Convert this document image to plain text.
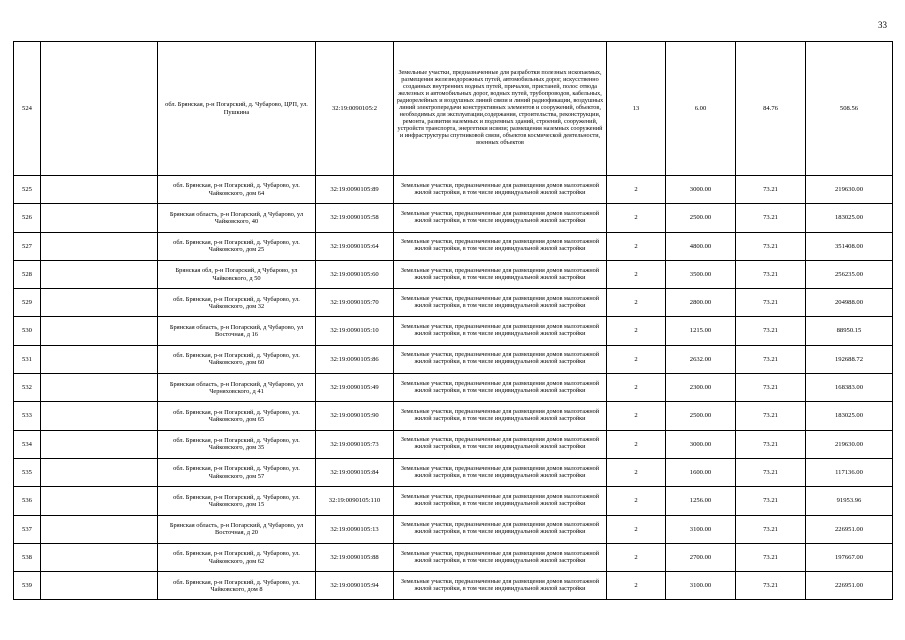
33
524		обл. Брянская, р-н Погарский, д. Чубарово, ЦРП, ул. Пушкина	32:19:0090105:2	Земельные участки, предназначенные для разработки полезных ископаемых, размещения железнодорожных путей, автомобильных дорог, искусственно созданных внутренних водных путей, причалов, пристаней, полос отвода железных и автомобильных дорог, водных путей, трубопроводов, кабельных, радиорелейных и воздушных линий связи и линий радиофикации, воздушных линий электропередачи конструктивных элементов и сооружений, объектов, необходимых для эксплуатации,содержания, строительства, реконструкции, ремонта, развития наземных и подземных зданий, строений, сооружений, устройств транспорта, энергетики исвязи; размещения наземных сооружений и инфраструктуры спутниковой связи, объектов космической деятельности, военных объектов	13	6.00	84.76	508.56
525		обл. Брянская, р-н Погарский, д. Чубарово, ул. Чайковского, дом 64	32:19:0090105:89	Земельные участки, предназначенные для размещения домов малоэтажной жилой застройки, в том числе индивидуальной жилой застройки	2	3000.00	73.21	219630.00
526		Брянская область, р-н Погарский, д Чубарово, ул Чайковского, 40	32:19:0090105:58	Земельные участки, предназначенные для размещения домов малоэтажной жилой застройки, в том числе индивидуальной жилой застройки	2	2500.00	73.21	183025.00
527		обл. Брянская, р-н Погарский, д. Чубарово, ул. Чайковского, дом 25	32:19:0090105:64	Земельные участки, предназначенные для размещения домов малоэтажной жилой застройки, в том числе индивидуальной жилой застройки	2	4800.00	73.21	351408.00
528		Брянская обл, р-н Погарский, д Чубарово, ул Чайковского, д 50	32:19:0090105:60	Земельные участки, предназначенные для размещения домов малоэтажной жилой застройки, в том числе индивидуальной жилой застройки	2	3500.00	73.21	256235.00
529		обл. Брянская, р-н Погарский, д. Чубарово, ул. Чайковского, дом 32	32:19:0090105:70	Земельные участки, предназначенные для размещения домов малоэтажной жилой застройки, в том числе индивидуальной жилой застройки	2	2800.00	73.21	204988.00
530		Брянская область, р-н Погарский, д Чубарово, ул Восточная, д 16	32:19:0090105:10	Земельные участки, предназначенные для размещения домов малоэтажной жилой застройки, в том числе индивидуальной жилой застройки	2	1215.00	73.21	88950.15
531		обл. Брянская, р-н Погарский, д. Чубарово, ул. Чайковского, дом 60	32:19:0090105:86	Земельные участки, предназначенные для размещения домов малоэтажной жилой застройки, в том числе индивидуальной жилой застройки	2	2632.00	73.21	192688.72
532		Брянская область, р-н Погарский, д Чубарово, ул Черняховского, д 41	32:19:0090105:49	Земельные участки, предназначенные для размещения домов малоэтажной жилой застройки, в том числе индивидуальной жилой застройки	2	2300.00	73.21	168383.00
533		обл. Брянская, р-н Погарский, д. Чубарово, ул. Чайковского, дом 65	32:19:0090105:90	Земельные участки, предназначенные для размещения домов малоэтажной жилой застройки, в том числе индивидуальной жилой застройки	2	2500.00	73.21	183025.00
534		обл. Брянская, р-н Погарский, д. Чубарово, ул. Чайковского, дом 35	32:19:0090105:73	Земельные участки, предназначенные для размещения домов малоэтажной жилой застройки, в том числе индивидуальной жилой застройки	2	3000.00	73.21	219630.00
535		обл. Брянская, р-н Погарский, д. Чубарово, ул. Чайковского, дом 57	32:19:0090105:84	Земельные участки, предназначенные для размещения домов малоэтажной жилой застройки, в том числе индивидуальной жилой застройки	2	1600.00	73.21	117136.00
536		обл. Брянская, р-н Погарский, д. Чубарово, ул. Чайковского, дом 15	32:19:0090105:110	Земельные участки, предназначенные для размещения домов малоэтажной жилой застройки, в том числе индивидуальной жилой застройки	2	1256.00	73.21	91953.96
537		Брянская область, р-н Погарский, д Чубарово, ул Восточная, д 20	32:19:0090105:13	Земельные участки, предназначенные для размещения домов малоэтажной жилой застройки, в том числе индивидуальной жилой застройки	2	3100.00	73.21	226951.00
538		обл. Брянская, р-н Погарский, д. Чубарово, ул. Чайковского, дом 62	32:19:0090105:88	Земельные участки, предназначенные для размещения домов малоэтажной жилой застройки, в том числе индивидуальной жилой застройки	2	2700.00	73.21	197667.00
539		обл. Брянская, р-н Погарский, д. Чубарово, ул. Чайковского, дом 8	32:19:0090105:94	Земельные участки, предназначенные для размещения домов малоэтажной жилой застройки, в том числе индивидуальной жилой застройки	2	3100.00	73.21	226951.00
